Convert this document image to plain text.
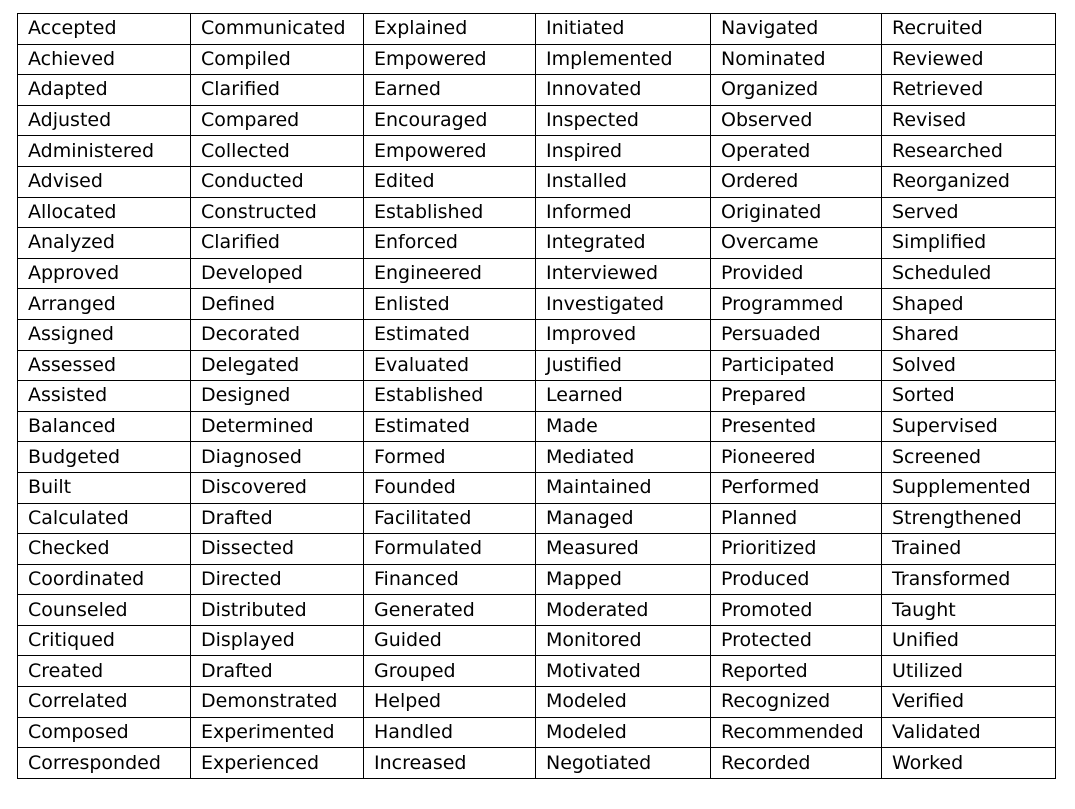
Accepted	Communicated	Explained	Initiated	Navigated	Recruited
Achieved	Compiled	Empowered	Implemented	Nominated	Reviewed
Adapted	Clarified	Earned	Innovated	Organized	Retrieved
Adjusted	Compared	Encouraged	Inspected	Observed	Revised
Administered	Collected	Empowered	Inspired	Operated	Researched
Advised	Conducted	Edited	Installed	Ordered	Reorganized
Allocated	Constructed	Established	Informed	Originated	Served
Analyzed	Clarified	Enforced	Integrated	Overcame	Simplified
Approved	Developed	Engineered	Interviewed	Provided	Scheduled
Arranged	Defined	Enlisted	Investigated	Programmed	Shaped
Assigned	Decorated	Estimated	Improved	Persuaded	Shared
Assessed	Delegated	Evaluated	Justified	Participated	Solved
Assisted	Designed	Established	Learned	Prepared	Sorted
Balanced	Determined	Estimated	Made	Presented	Supervised
Budgeted	Diagnosed	Formed	Mediated	Pioneered	Screened
Built	Discovered	Founded	Maintained	Performed	Supplemented
Calculated	Drafted	Facilitated	Managed	Planned	Strengthened
Checked	Dissected	Formulated	Measured	Prioritized	Trained
Coordinated	Directed	Financed	Mapped	Produced	Transformed
Counseled	Distributed	Generated	Moderated	Promoted	Taught
Critiqued	Displayed	Guided	Monitored	Protected	Unified
Created	Drafted	Grouped	Motivated	Reported	Utilized
Correlated	Demonstrated	Helped	Modeled	Recognized	Verified
Composed	Experimented	Handled	Modeled	Recommended	Validated
Corresponded	Experienced	Increased	Negotiated	Recorded	Worked
